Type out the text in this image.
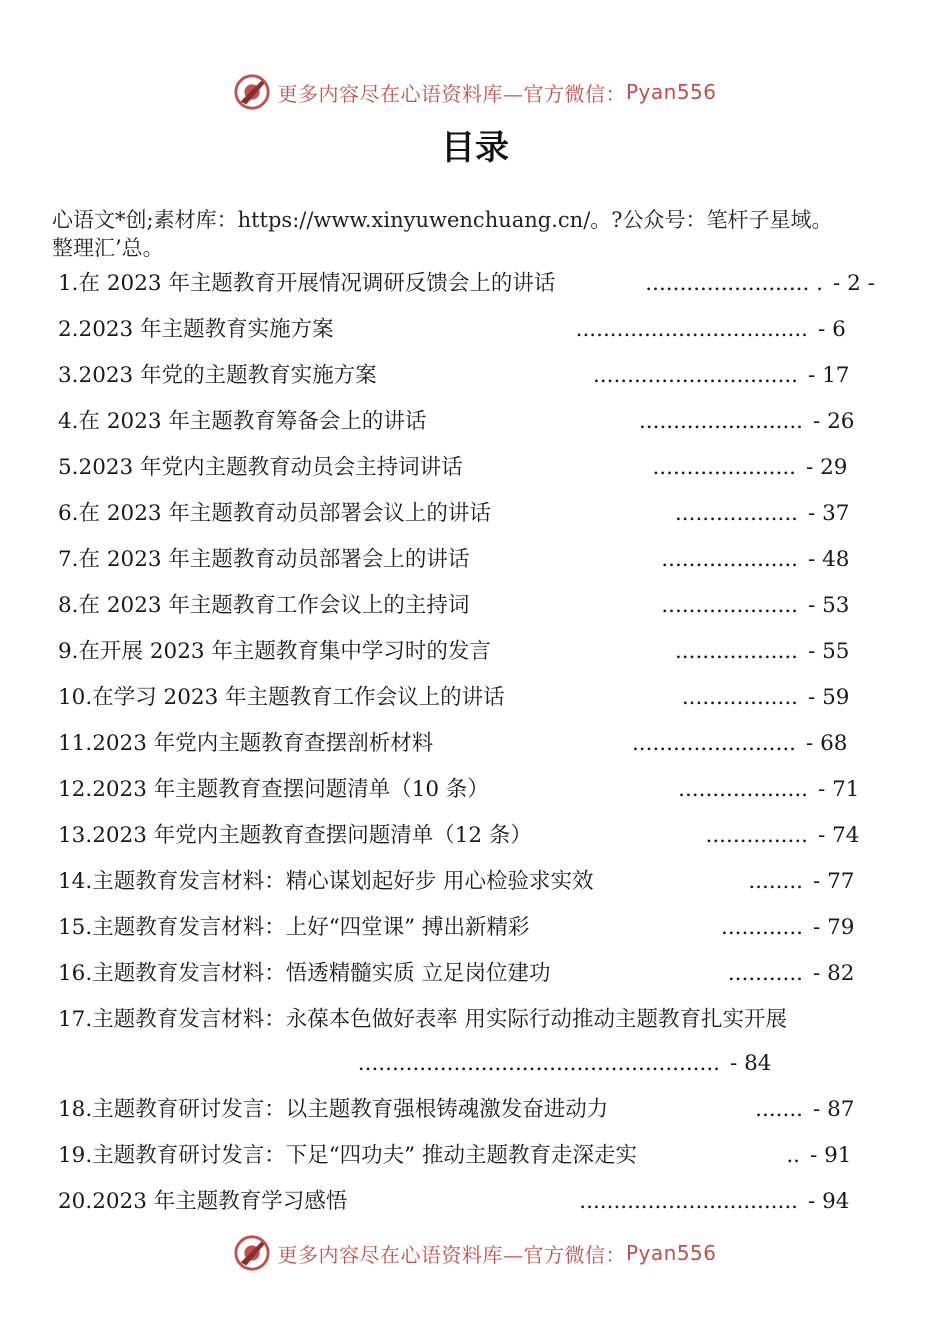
更多内容尽在心语资料库—官方微信： Pyan556
目录
心语文*创;素材库：https://www.xinyuwenchuang.cn/。?公众号：笔杆子星域。
整理汇’总。
1.在 2023 年主题教育开展情况调研反馈会上的讲话	........................ . - 2 -
2.2023 年主题教育实施方案	.................................. - 6
3.2023 年党的主题教育实施方案	.............................. - 17
4.在 2023 年主题教育筹备会上的讲话	........................ - 26
5.2023 年党内主题教育动员会主持词讲话	..................... - 29
6.在 2023 年主题教育动员部署会议上的讲话	.................. - 37
7.在 2023 年主题教育动员部署会上的讲话	.................... - 48
8.在 2023 年主题教育工作会议上的主持词	.................... - 53
9.在开展 2023 年主题教育集中学习时的发言	.................. - 55
10.在学习 2023 年主题教育工作会议上的讲话	................. - 59
11.2023 年党内主题教育查摆剖析材料	........................ - 68
12.2023 年主题教育查摆问题清单（10 条）	................... - 71
13.2023 年党内主题教育查摆问题清单（12 条）	............... - 74
14.主题教育发言材料：精心谋划起好步 用心检验求实效	........ - 77
15.主题教育发言材料：上好“四堂课” 搏出新精彩	............ - 79
16.主题教育发言材料：悟透精髓实质 立足岗位建功	........... - 82
17.主题教育发言材料：永葆本色做好表率 用实际行动推动主题教育扎实开展
..................................................... - 84
18.主题教育研讨发言：以主题教育强根铸魂激发奋进动力	....... - 87
19.主题教育研讨发言：下足“四功夫” 推动主题教育走深走实	.. - 91
20.2023 年主题教育学习感悟	................................ - 94
更多内容尽在心语资料库—官方微信： Pyan556
